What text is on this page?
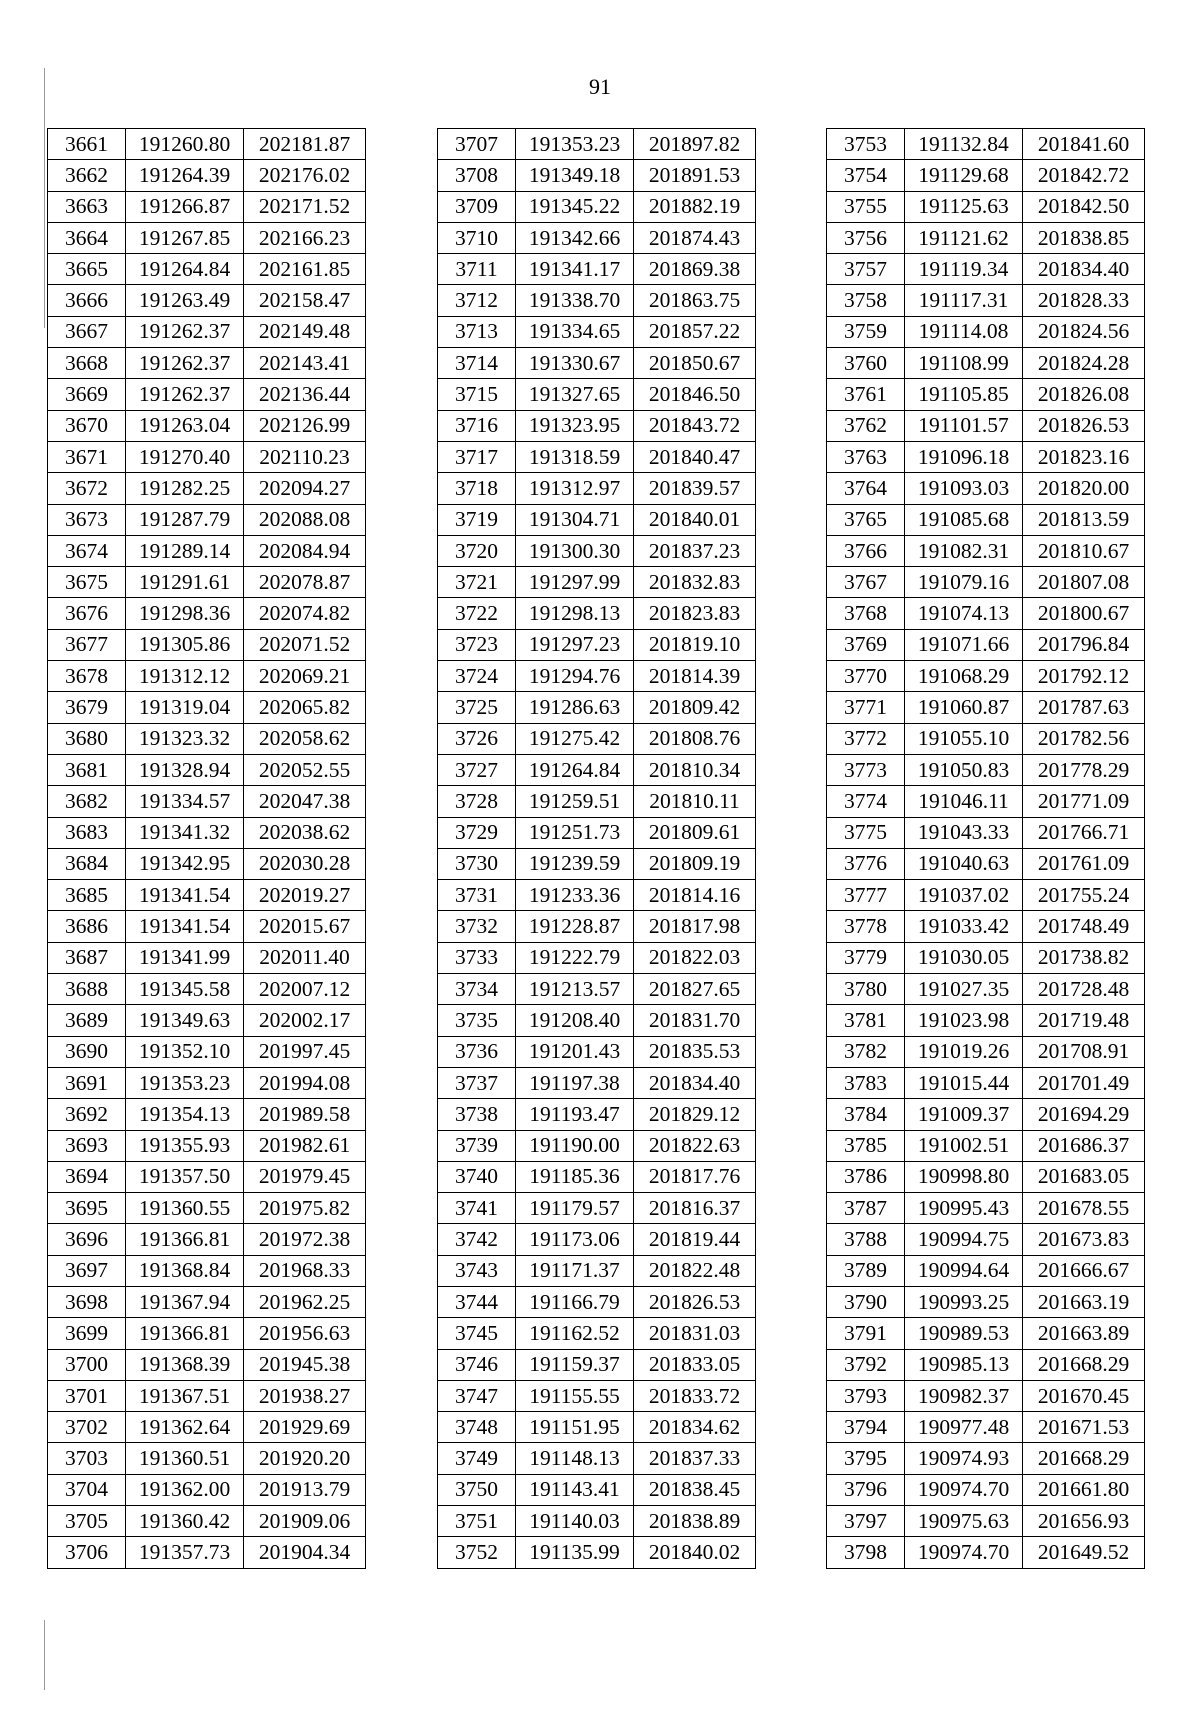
91
3661	191260.80	202181.87
3662	191264.39	202176.02
3663	191266.87	202171.52
3664	191267.85	202166.23
3665	191264.84	202161.85
3666	191263.49	202158.47
3667	191262.37	202149.48
3668	191262.37	202143.41
3669	191262.37	202136.44
3670	191263.04	202126.99
3671	191270.40	202110.23
3672	191282.25	202094.27
3673	191287.79	202088.08
3674	191289.14	202084.94
3675	191291.61	202078.87
3676	191298.36	202074.82
3677	191305.86	202071.52
3678	191312.12	202069.21
3679	191319.04	202065.82
3680	191323.32	202058.62
3681	191328.94	202052.55
3682	191334.57	202047.38
3683	191341.32	202038.62
3684	191342.95	202030.28
3685	191341.54	202019.27
3686	191341.54	202015.67
3687	191341.99	202011.40
3688	191345.58	202007.12
3689	191349.63	202002.17
3690	191352.10	201997.45
3691	191353.23	201994.08
3692	191354.13	201989.58
3693	191355.93	201982.61
3694	191357.50	201979.45
3695	191360.55	201975.82
3696	191366.81	201972.38
3697	191368.84	201968.33
3698	191367.94	201962.25
3699	191366.81	201956.63
3700	191368.39	201945.38
3701	191367.51	201938.27
3702	191362.64	201929.69
3703	191360.51	201920.20
3704	191362.00	201913.79
3705	191360.42	201909.06
3706	191357.73	201904.34
3707	191353.23	201897.82
3708	191349.18	201891.53
3709	191345.22	201882.19
3710	191342.66	201874.43
3711	191341.17	201869.38
3712	191338.70	201863.75
3713	191334.65	201857.22
3714	191330.67	201850.67
3715	191327.65	201846.50
3716	191323.95	201843.72
3717	191318.59	201840.47
3718	191312.97	201839.57
3719	191304.71	201840.01
3720	191300.30	201837.23
3721	191297.99	201832.83
3722	191298.13	201823.83
3723	191297.23	201819.10
3724	191294.76	201814.39
3725	191286.63	201809.42
3726	191275.42	201808.76
3727	191264.84	201810.34
3728	191259.51	201810.11
3729	191251.73	201809.61
3730	191239.59	201809.19
3731	191233.36	201814.16
3732	191228.87	201817.98
3733	191222.79	201822.03
3734	191213.57	201827.65
3735	191208.40	201831.70
3736	191201.43	201835.53
3737	191197.38	201834.40
3738	191193.47	201829.12
3739	191190.00	201822.63
3740	191185.36	201817.76
3741	191179.57	201816.37
3742	191173.06	201819.44
3743	191171.37	201822.48
3744	191166.79	201826.53
3745	191162.52	201831.03
3746	191159.37	201833.05
3747	191155.55	201833.72
3748	191151.95	201834.62
3749	191148.13	201837.33
3750	191143.41	201838.45
3751	191140.03	201838.89
3752	191135.99	201840.02
3753	191132.84	201841.60
3754	191129.68	201842.72
3755	191125.63	201842.50
3756	191121.62	201838.85
3757	191119.34	201834.40
3758	191117.31	201828.33
3759	191114.08	201824.56
3760	191108.99	201824.28
3761	191105.85	201826.08
3762	191101.57	201826.53
3763	191096.18	201823.16
3764	191093.03	201820.00
3765	191085.68	201813.59
3766	191082.31	201810.67
3767	191079.16	201807.08
3768	191074.13	201800.67
3769	191071.66	201796.84
3770	191068.29	201792.12
3771	191060.87	201787.63
3772	191055.10	201782.56
3773	191050.83	201778.29
3774	191046.11	201771.09
3775	191043.33	201766.71
3776	191040.63	201761.09
3777	191037.02	201755.24
3778	191033.42	201748.49
3779	191030.05	201738.82
3780	191027.35	201728.48
3781	191023.98	201719.48
3782	191019.26	201708.91
3783	191015.44	201701.49
3784	191009.37	201694.29
3785	191002.51	201686.37
3786	190998.80	201683.05
3787	190995.43	201678.55
3788	190994.75	201673.83
3789	190994.64	201666.67
3790	190993.25	201663.19
3791	190989.53	201663.89
3792	190985.13	201668.29
3793	190982.37	201670.45
3794	190977.48	201671.53
3795	190974.93	201668.29
3796	190974.70	201661.80
3797	190975.63	201656.93
3798	190974.70	201649.52
